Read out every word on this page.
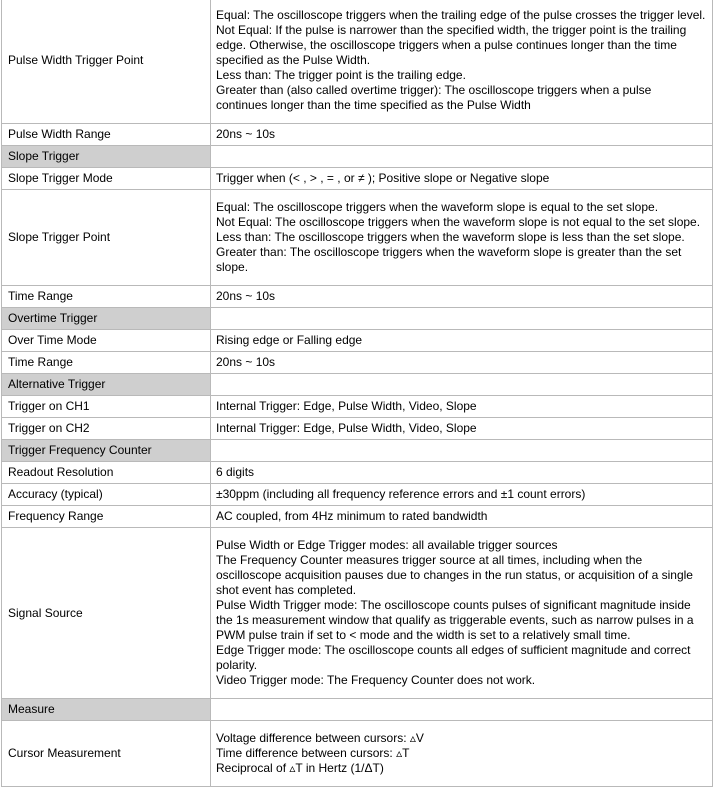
Pulse Width Trigger Point	Equal: The oscilloscope triggers when the trailing edge of the pulse crosses the trigger level.
Not Equal: If the pulse is narrower than the specified width, the trigger point is the trailing edge. Otherwise, the oscilloscope triggers when a pulse continues longer than the time specified as the Pulse Width.
Less than: The trigger point is the trailing edge.
Greater than (also called overtime trigger): The oscilloscope triggers when a pulse continues longer than the time specified as the Pulse Width

Pulse Width Range	20ns ~ 10s

Slope Trigger	
Slope Trigger Mode	Trigger when (< , > , = , or ≠ ); Positive slope or Negative slope

Slope Trigger Point	Equal: The oscilloscope triggers when the waveform slope is equal to the set slope.
Not Equal: The oscilloscope triggers when the waveform slope is not equal to the set slope.
Less than: The oscilloscope triggers when the waveform slope is less than the set slope.
Greater than: The oscilloscope triggers when the waveform slope is greater than the set slope.

Time Range	20ns ~ 10s

Overtime Trigger	
Over Time Mode	Rising edge or Falling edge

Time Range	20ns ~ 10s

Alternative Trigger	
Trigger on CH1	Internal Trigger: Edge, Pulse Width, Video, Slope

Trigger on CH2	Internal Trigger: Edge, Pulse Width, Video, Slope

Trigger Frequency Counter	
Readout Resolution	6 digits

Accuracy (typical)	±30ppm (including all frequency reference errors and ±1 count errors)

Frequency Range	AC coupled, from 4Hz minimum to rated bandwidth

Signal Source	Pulse Width or Edge Trigger modes: all available trigger sources
The Frequency Counter measures trigger source at all times, including when the oscilloscope acquisition pauses due to changes in the run status, or acquisition of a single shot event has completed.
Pulse Width Trigger mode: The oscilloscope counts pulses of significant magnitude inside the 1s measurement window that qualify as triggerable events, such as narrow pulses in a PWM pulse train if set to < mode and the width is set to a relatively small time.
Edge Trigger mode: The oscilloscope counts all edges of sufficient magnitude and correct polarity.
Video Trigger mode: The Frequency Counter does not work.

Measure	
Cursor Measurement	Voltage difference between cursors: ▵V
Time difference between cursors: ▵T
Reciprocal of ▵T in Hertz (1/ΔT)
